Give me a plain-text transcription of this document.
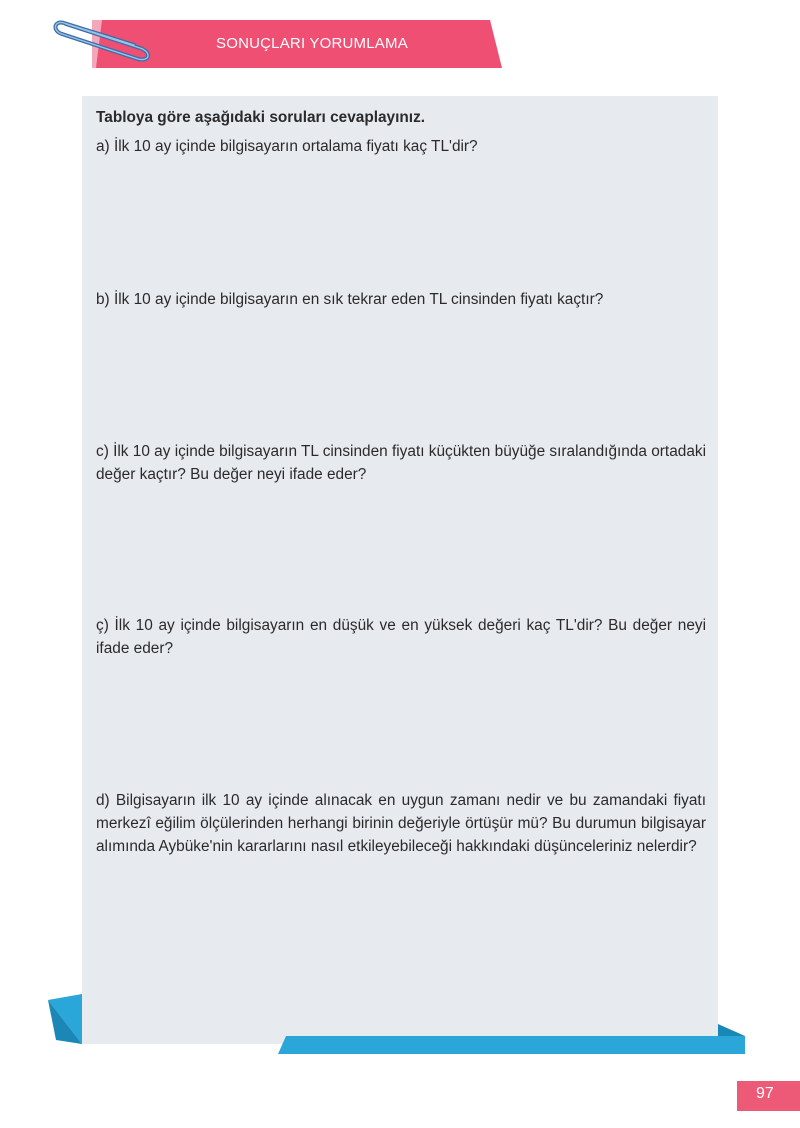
SONUÇLARI YORUMLAMA
Tabloya göre aşağıdaki soruları cevaplayınız.
a) İlk 10 ay içinde bilgisayarın ortalama fiyatı kaç TL'dir?
b) İlk 10 ay içinde bilgisayarın en sık tekrar eden TL cinsinden fiyatı kaçtır?
c) İlk 10 ay içinde bilgisayarın TL cinsinden fiyatı küçükten büyüğe sıralandığında ortadaki değer kaçtır? Bu değer neyi ifade eder?
ç) İlk 10 ay içinde bilgisayarın en düşük ve en yüksek değeri kaç TL'dir? Bu değer neyi ifade eder?
d) Bilgisayarın ilk 10 ay içinde alınacak en uygun zamanı nedir ve bu zamandaki fiyatı merkezî eğilim ölçülerinden herhangi birinin değeriyle örtüşür mü? Bu durumun bilgisayar alımında Aybüke'nin kararlarını nasıl etkileyebileceği hakkındaki düşünceleriniz nelerdir?
97
